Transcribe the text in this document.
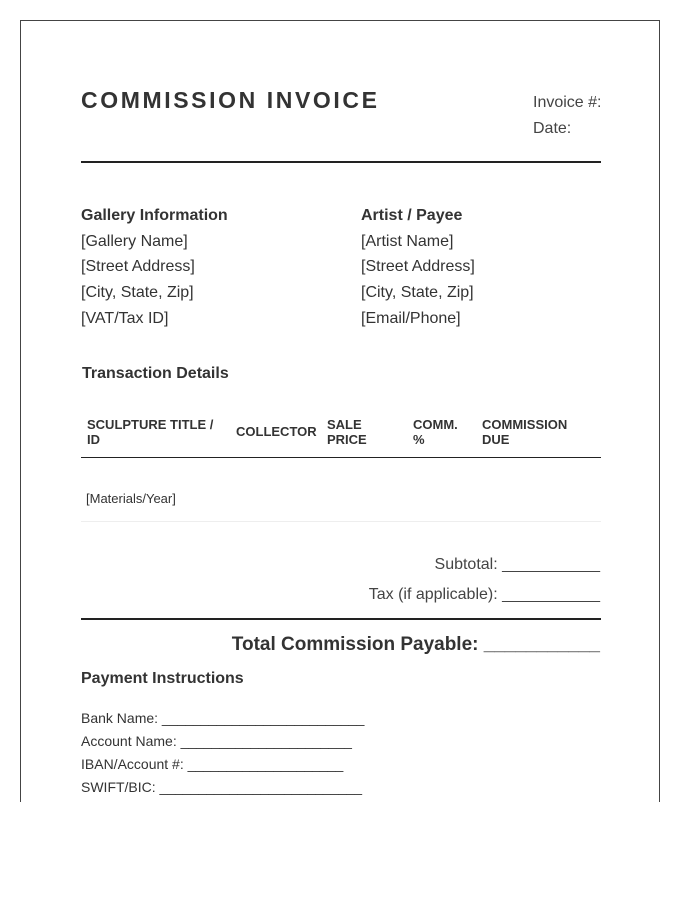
COMMISSION INVOICE	Invoice #:
Date:
Gallery Information
[Gallery Name]
[Street Address]
[City, State, Zip]
[VAT/Tax ID]
Artist / Payee
[Artist Name]
[Street Address]
[City, State, Zip]
[Email/Phone]
Transaction Details
SCULPTURE TITLE / ID
COLLECTOR SALE PRICE
COMM. %
COMMISSION DUE
[Materials/Year]
Subtotal: ___________
Tax (if applicable): ___________
Total Commission Payable: ___________
Payment Instructions
Bank Name: __________________________
Account Name: ______________________
IBAN/Account #: ____________________
SWIFT/BIC: __________________________
